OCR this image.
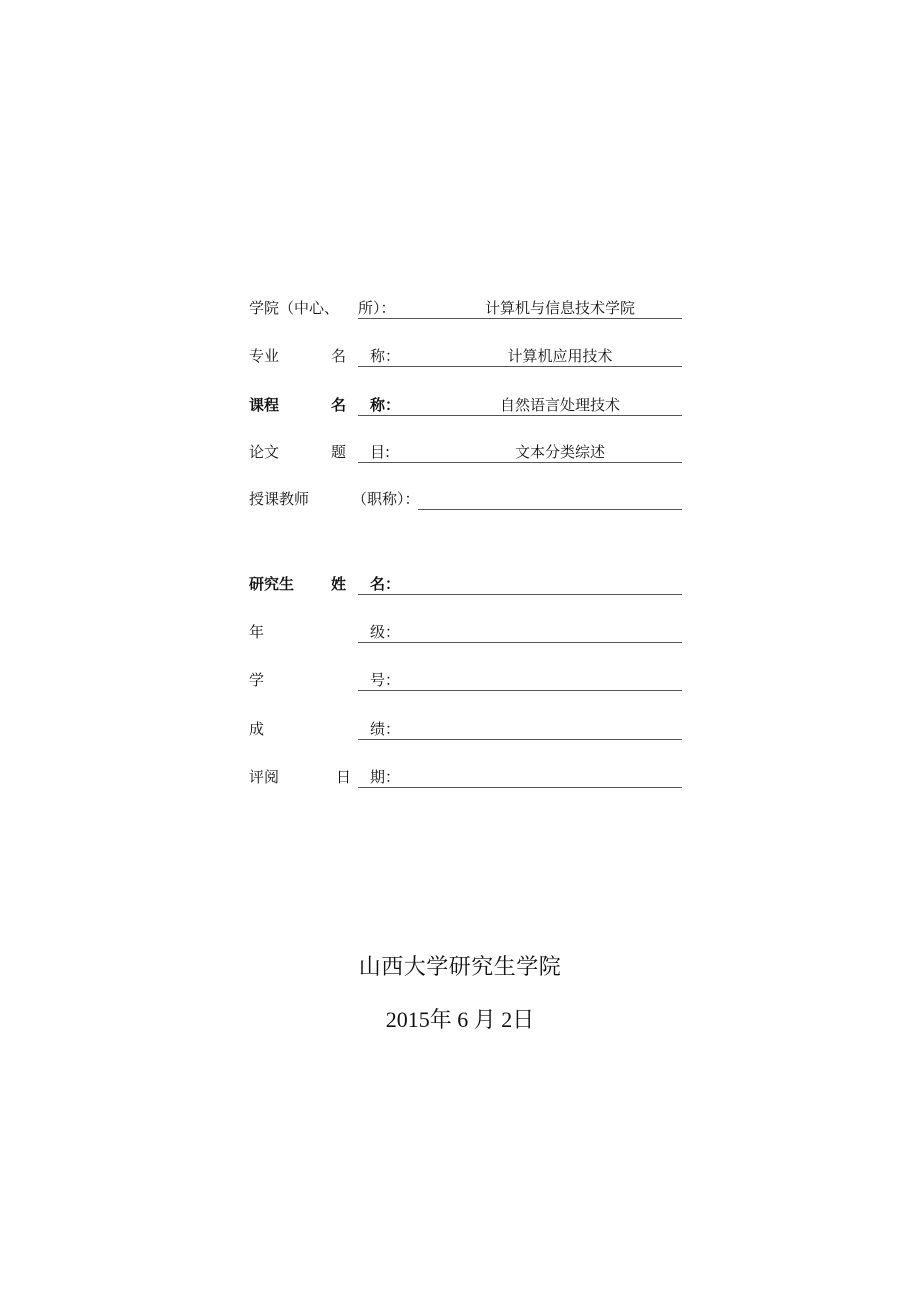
学院（中心、 所）：	计算机与信息技术学院
专业	名 称：	计算机应用技术
课程	名 称：	自然语言处理技术
论文	题 目:	文本分类综述
授课教师	（职称）：
研究生 姓 名：
年	级：
学	号：
成	绩：
评阅	日 期：
山西大学研究生学院
2015年 6 月 2日
